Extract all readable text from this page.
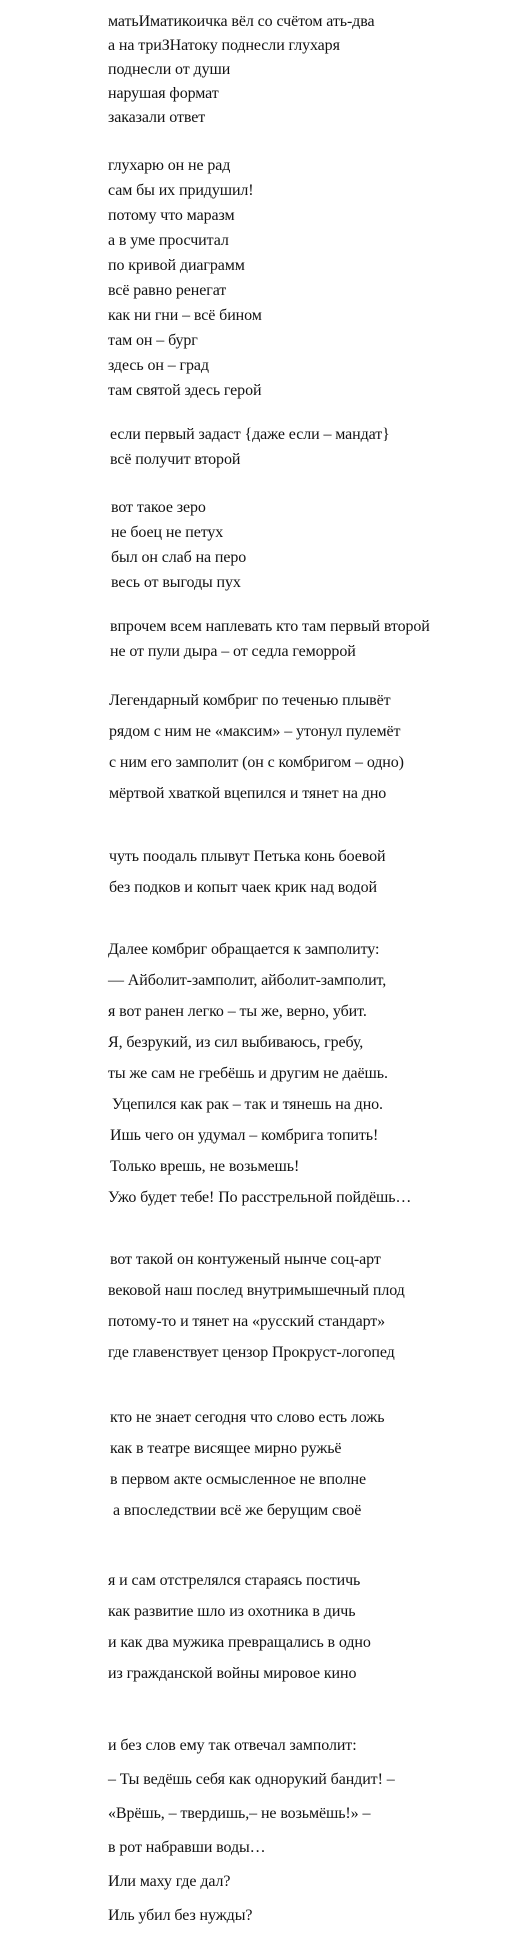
матьИматикоичка вёл со счётом ать-два
а на триЗНатоку поднесли глухаря
поднесли от души
нарушая формат
заказали ответ
глухарю он не рад
сам бы их придушил!
потому что маразм
а в уме просчитал
по кривой диаграмм
всё равно ренегат
как ни гни – всё бином
там он – бург
здесь он – град
там святой здесь герой
если первый задаст {даже если – мандат}
всё получит второй
вот такое зеро
не боец не петух
был он слаб на перо
весь от выгоды пух
впрочем всем наплевать кто там первый второй
не от пули дыра – от седла геморрой
Легендарный комбриг по теченью плывёт
рядом с ним не «максим» – утонул пулемёт
с ним его замполит (он с комбригом – одно)
мёртвой хваткой вцепился и тянет на дно
чуть поодаль плывут Петька конь боевой
без подков и копыт чаек крик над водой
Далее комбриг обращается к замполиту:
— Айболит-замполит, айболит-замполит,
я вот ранен легко – ты же, верно, убит.
Я, безрукий, из сил выбиваюсь, гребу,
ты же сам не гребёшь и другим не даёшь.
Уцепился как рак – так и тянешь на дно.
Ишь чего он удумал – комбрига топить!
Только врешь, не возьмешь!
Ужо будет тебе! По расстрельной пойдёшь…
вот такой он контуженый нынче соц-арт
вековой наш послед внутримышечный плод
потому-то и тянет на «русский стандарт»
где главенствует цензор Прокруст-логопед
кто не знает сегодня что слово есть ложь
как в театре висящее мирно ружьё
в первом акте осмысленное не вполне
а впоследствии всё же берущим своё
я и сам отстрелялся стараясь постичь
как развитие шло из охотника в дичь
и как два мужика превращались в одно
из гражданской войны мировое кино
и без слов ему так отвечал замполит:
– Ты ведёшь себя как однорукий бандит! –
«Врёшь, – твердишь,– не возьмёшь!» –
в рот набравши воды…
Или маху где дал?
Иль убил без нужды?
